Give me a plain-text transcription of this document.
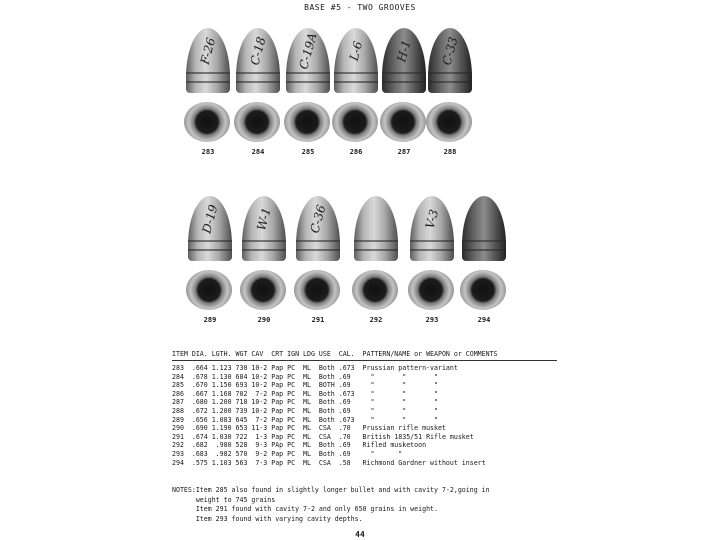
BASE #5 - TWO GROOVES
F-26
283
C-18
284
C-19A
285
L-6
286
H-1
287
C-33
288
D-19
289
W-1
290
C-36
291	292
V-3
293	294
ITEM DIA. LGTH. WGT CAV  CRT IGN LDG USE  CAL.  PATTERN/NAME or WEAPON or COMMENTS
283  .664 1.123 730 10-2 Pap PC  ML  Both .673  Prussian pattern-variant
284  .678 1.130 684 10-2 Pap PC  ML  Both .69     "       "       "
285  .670 1.150 693 10-2 Pap PC  ML  BOTH .69     "       "       "
286  .667 1.168 702  7-2 Pap PC  ML  Both .673    "       "       "
287  .680 1.200 718 10-2 Pap PC  ML  Both .69     "       "       "
288  .672 1.200 739 10-2 Pap PC  ML  Both .69     "       "       "
289  .656 1.083 645  7-2 Pap PC  ML  Both .673    "       "       "
290  .690 1.190 653 11-3 Pap PC  ML  CSA  .70   Prussian rifle musket
291  .674 1.030 722  1-3 Pap PC  ML  CSA  .70   British 1835/51 Rifle musket
292  .682  .980 528  9-3 PAp PC  ML  Both .69   Rifled musketoon
293  .683  .982 570  9-2 Pap PC  ML  Both .69     "      "
294  .575 1.103 563  7-3 Pap PC  ML  CSA  .58   Richmond Gardner without insert
NOTES:Item 285 also found in slightly longer bullet and with cavity 7-2,going in
weight to 745 grains
Item 291 found with cavity 7-2 and only 650 grains in weight.
Item 293 found with varying cavity depths.
44
